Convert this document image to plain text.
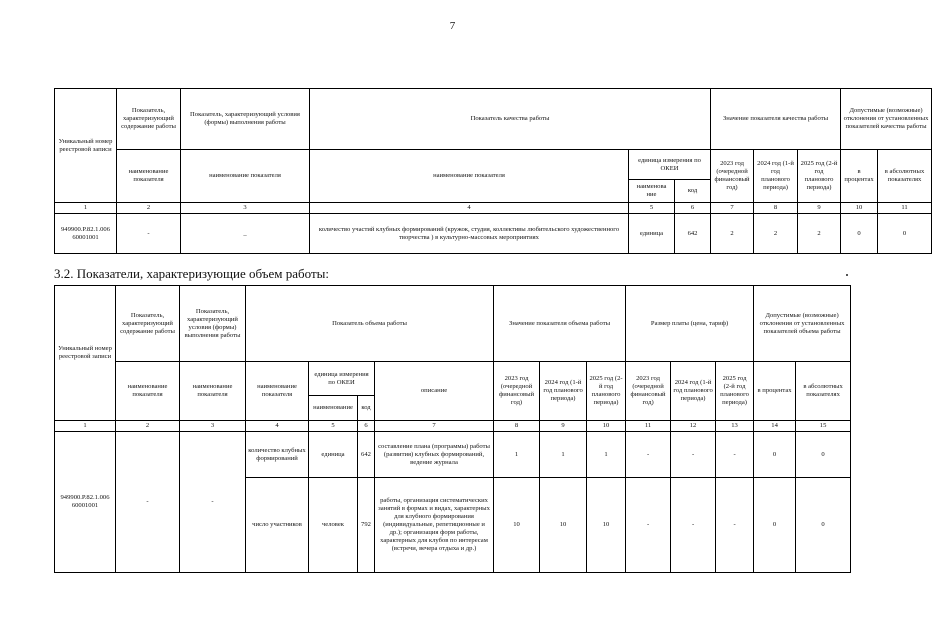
7
Уникальный номер реестровой записи	Показатель, характеризующий содержание работы	Показатель, характеризующий условия (формы) выполнения работы	Показатель качества работы			Значение показателя качества работы			Допустимые (возможные) отклонения от установленных показателей качества работы	
	наименование показателя	наименование показателя	наименование показателя	единица измерения по ОКЕИ		2023 год (очередной финансовый год)	2024 год (1-й год планового периода)	2025 год (2-й год планового периода)	в процентах	в абсолютных показателях
				наименова ние	код					
1	2	3	4	5	6	7	8	9	10	11
949900.Р.82.1.006 60001001	-	_	количество участий клубных формирований (кружок, студия, коллективы любительского художественного творчества ) в культурно-массовых мероприятиях	единица	642	2	2	2	0	0
3.2. Показатели, характеризующие объем работы:
Уникальный номер реестровой записи	Показатель, характеризующий содержание работы	Показатель, характеризующий условия (формы) выполнения работы	Показатель объема работы				Значение показателя объема работы			Размер платы (цена, тариф)			Допустимые (возможные) отклонения от установленных показателей объема работы	
	наименование показателя	наименование показателя	наименование показателя	единица измерения по ОКЕИ		описание	2023 год (очередной финансовый год)	2024 год (1-й год планового периода)	2025 год (2-й год планового периода)	2023 год (очередной финансовый год)	2024 год (1-й год планового периода)	2025 год (2-й год планового периода)	в процентах	в абсолютных показателях
				наименование	код									
1	2	3	4	5	6	7	8	9	10	11	12	13	14	15
949900.Р.82.1.006 60001001	-	-	количество клубных формирований	единица	642	составление плана (программы) работы (развития) клубных формирований, ведение журнала	1	1	1	-	-	-	0	0
			число участников	человек	792	работы, организация систематических занятий в формах и видах, характерных для клубного формирования (индивидуальные, репетиционные и др.); организация форм работы, характерных для клубов по интересам (встречи, вечера отдыха и др.)	10	10	10	-	-	-	0	0
